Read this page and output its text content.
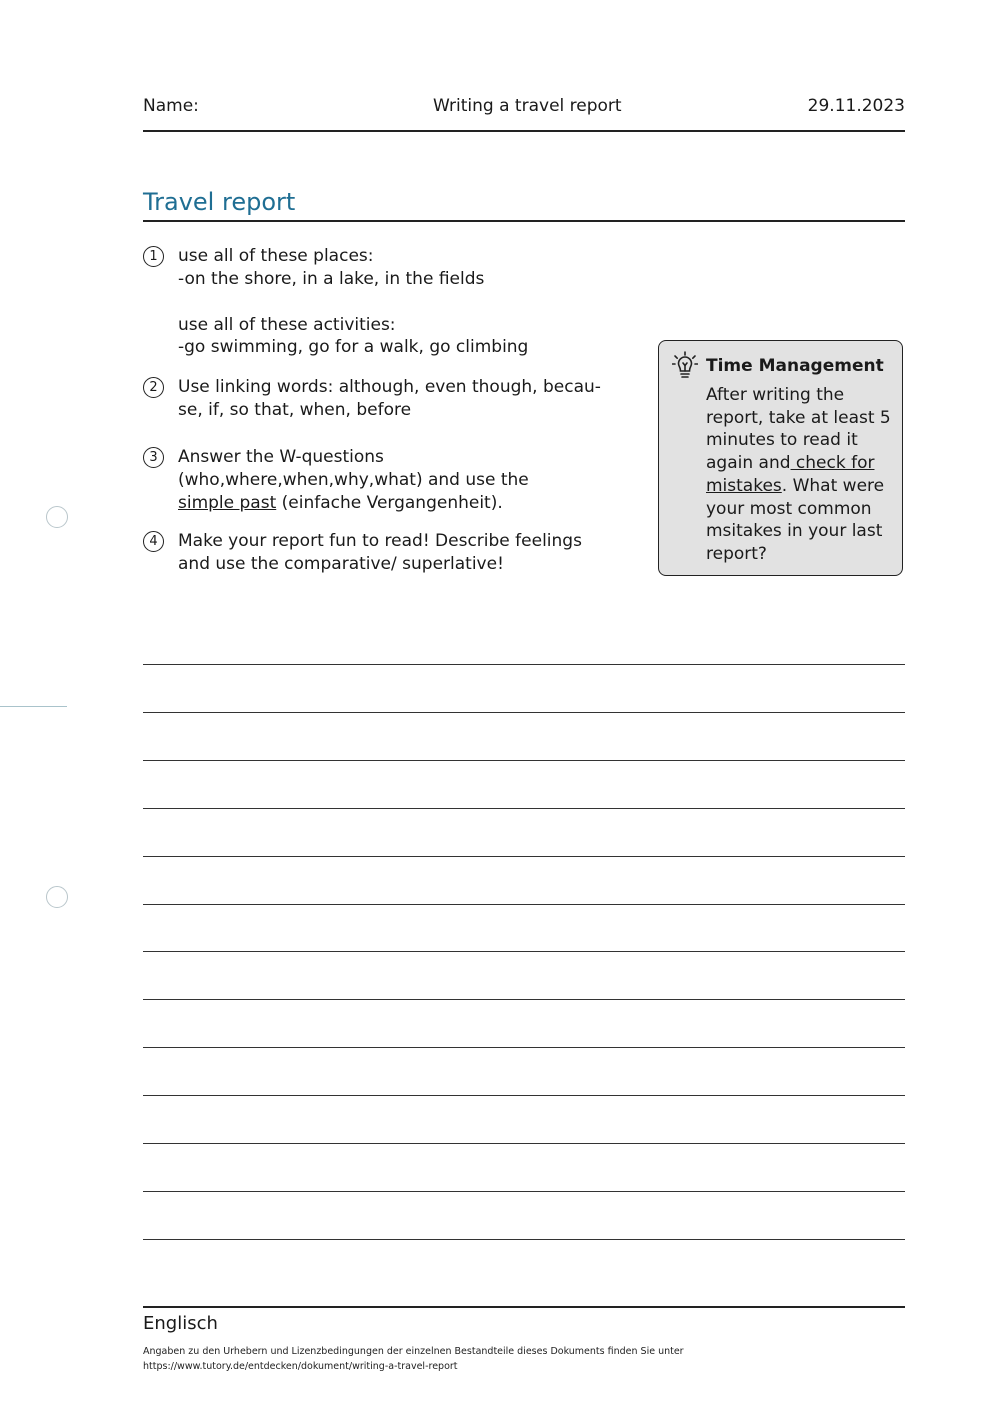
Name:	Writing a travel report	29.11.2023
Travel report
1	use all of these places:
-on the shore, in a lake, in the fields
use all of these activities:
-go swimming, go for a walk, go climbing
2	Use linking words: although, even though, becau-
se, if, so that, when, before
3	Answer the W-questions
(who,where,when,why,what) and use the
simple past (einfache Vergangenheit).
4	Make your report fun to read! Describe feelings
and use the comparative/ superlative!
Time Management
After writing the report, take at least 5 minutes to read it again and check for mistakes. What were your most common msitakes in your last report?
Englisch
Angaben zu den Urhebern und Lizenzbedingungen der einzelnen Bestandteile dieses Dokuments finden Sie unter
https://www.tutory.de/entdecken/dokument/writing-a-travel-report
